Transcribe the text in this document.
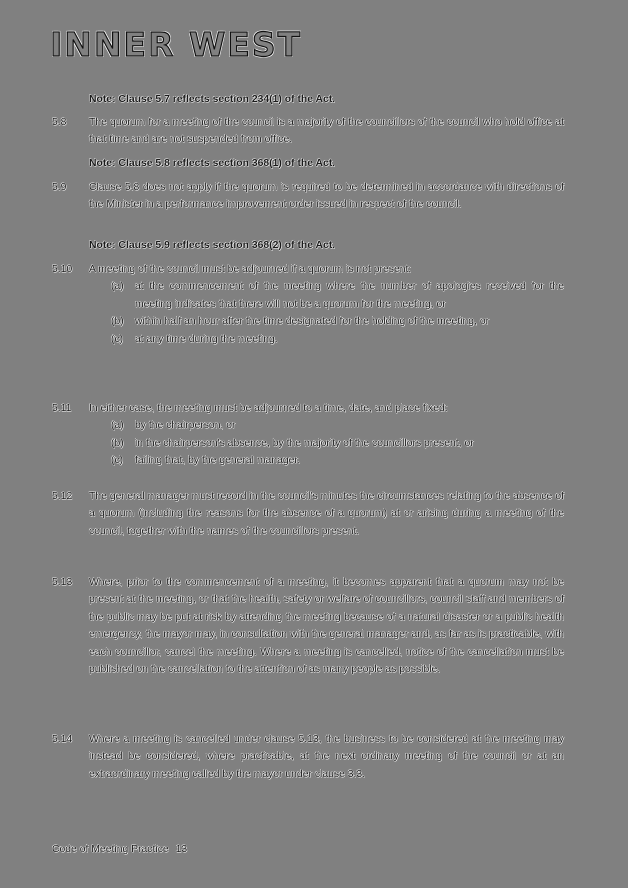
INNER WEST
Note: Clause 5.7 reflects section 234(1) of the Act.
5.8	The quorum for a meeting of the council is a majority of the councillors of the council who hold office at that time and are not suspended from office.
Note: Clause 5.8 reflects section 368(1) of the Act.
5.9	Clause 5.8 does not apply if the quorum is required to be determined in accordance with directions of the Minister in a performance improvement order issued in respect of the council.
Note: Clause 5.9 reflects section 368(2) of the Act.
5.10	A meeting of the council must be adjourned if a quorum is not present:
(a) at the commencement of the meeting where the number of apologies received for the meeting indicates that there will not be a quorum for the meeting, or
(b) within half an hour after the time designated for the holding of the meeting, or
(c) at any time during the meeting.
5.11	In either case, the meeting must be adjourned to a time, date, and place fixed:
(a) by the chairperson, or
(b) in the chairperson's absence, by the majority of the councillors present, or
(c) failing that, by the general manager.
5.12	The general manager must record in the council's minutes the circumstances relating to the absence of a quorum (including the reasons for the absence of a quorum) at or arising during a meeting of the council, together with the names of the councillors present.
5.13	Where, prior to the commencement of a meeting, it becomes apparent that a quorum may not be present at the meeting, or that the health, safety or welfare of councillors, council staff and members of the public may be put at risk by attending the meeting because of a natural disaster or a public health emergency, the mayor may, in consultation with the general manager and, as far as is practicable, with each councillor, cancel the meeting. Where a meeting is cancelled, notice of the cancellation must be published on the cancellation to the attention of as many people as possible.
5.14	Where a meeting is cancelled under clause 5.13, the business to be considered at the meeting may instead be considered, where practicable, at the next ordinary meeting of the council or at an extraordinary meeting called by the mayor under clause 3.3.
Code of Meeting Practice 13
